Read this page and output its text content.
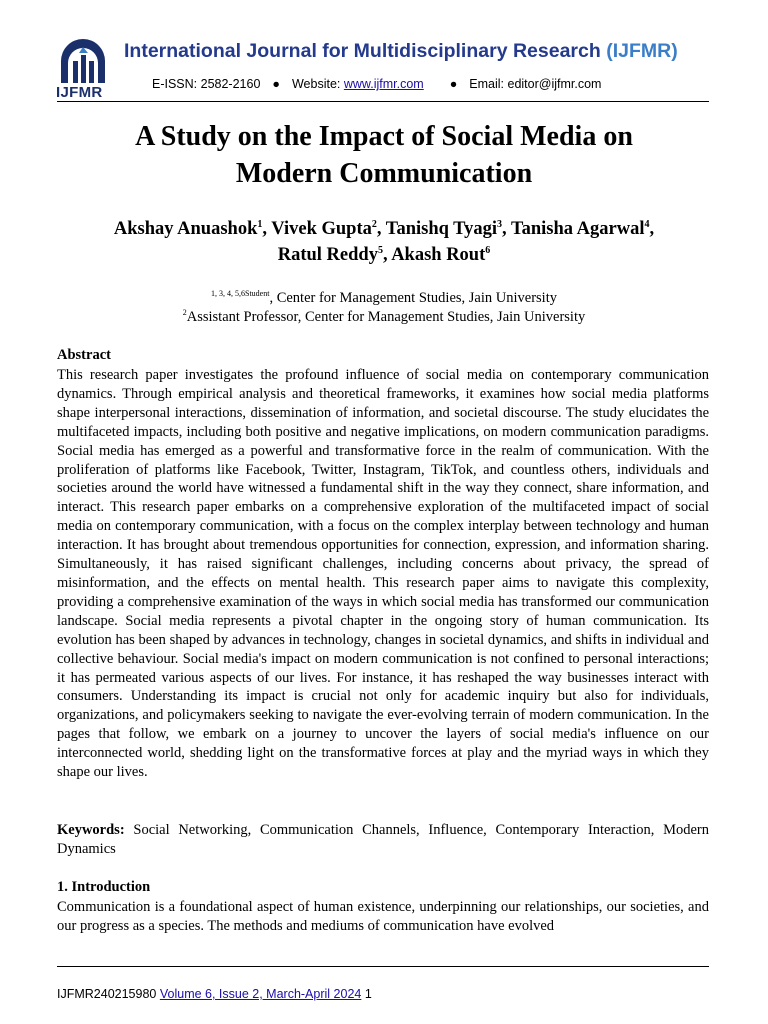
IJFMR
International Journal for Multidisciplinary Research (IJFMR)
E-ISSN: 2582-2160 ● Website: www.ijfmr.com ● Email: editor@ijfmr.com
A Study on the Impact of Social Media on
Modern Communication
Akshay Anuashok$^1$, Vivek Gupta$^2$, Tanishq Tyagi$^3$, Tanisha Agarwal$^4$,
Ratul Reddy$^5$, Akash Rout$^6$
$^{1, 3, 4, 5,6Student}$, Center for Management Studies, Jain University
$^2$Assistant Professor, Center for Management Studies, Jain University
Abstract
This research paper investigates the profound influence of social media on contemporary communication dynamics. Through empirical analysis and theoretical frameworks, it examines how social media platforms shape interpersonal interactions, dissemination of information, and societal discourse. The study elucidates the multifaceted impacts, including both positive and negative implications, on modern communication paradigms. Social media has emerged as a powerful and transformative force in the realm of communication. With the proliferation of platforms like Facebook, Twitter, Instagram, TikTok, and countless others, individuals and societies around the world have witnessed a fundamental shift in the way they connect, share information, and interact. This research paper embarks on a comprehensive exploration of the multifaceted impact of social media on contemporary communication, with a focus on the complex interplay between technology and human interaction. It has brought about tremendous opportunities for connection, expression, and information sharing. Simultaneously, it has raised significant challenges, including concerns about privacy, the spread of misinformation, and the effects on mental health. This research paper aims to navigate this complexity, providing a comprehensive examination of the ways in which social media has transformed our communication landscape. Social media represents a pivotal chapter in the ongoing story of human communication. Its evolution has been shaped by advances in technology, changes in societal dynamics, and shifts in individual and collective behaviour. Social media's impact on modern communication is not confined to personal interactions; it has permeated various aspects of our lives. For instance, it has reshaped the way businesses interact with consumers. Understanding its impact is crucial not only for academic inquiry but also for individuals, organizations, and policymakers seeking to navigate the ever-evolving terrain of modern communication. In the pages that follow, we embark on a journey to uncover the layers of social media's influence on our interconnected world, shedding light on the transformative forces at play and the myriad ways in which they shape our lives.
Keywords: Social Networking, Communication Channels, Influence, Contemporary Interaction, Modern Dynamics
1. Introduction
Communication is a foundational aspect of human existence, underpinning our relationships, our societies, and our progress as a species. The methods and mediums of communication have evolved
IJFMR240215980 Volume 6, Issue 2, March-April 2024 1
